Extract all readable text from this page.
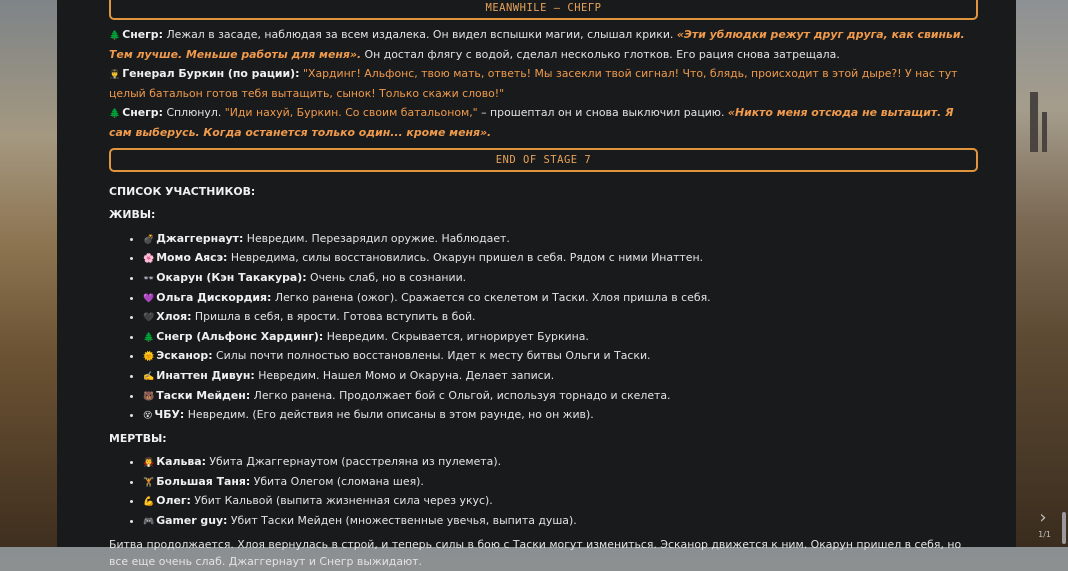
MEANWHILE – СНЕГР

🌲 Снегр: Лежал в засаде, наблюдая за всем издалека. Он видел вспышки магии, слышал крики. «Эти ублюдки режут друг друга, как свиньи. Тем лучше. Меньше работы для меня». Он достал флягу с водой, сделал несколько глотков. Его рация снова затрещала.

👨‍✈️ Генерал Буркин (по рации): "Хардинг! Альфонс, твою мать, ответь! Мы засекли твой сигнал! Что, блядь, происходит в этой дыре?! У нас тут целый батальон готов тебя вытащить, сынок! Только скажи слово!"

🌲 Снегр: Сплюнул. "Иди нахуй, Буркин. Со своим батальоном," – прошептал он и снова выключил рацию. «Никто меня отсюда не вытащит. Я сам выберусь. Когда останется только один... кроме меня».

END OF STAGE 7
СПИСОК УЧАСТНИКОВ:
ЖИВЫ:
• 💣 Джаггернаут: Невредим. Перезарядил оружие. Наблюдает.
• 🌸 Момо Аясэ: Невредима, силы восстановились. Окарун пришел в себя. Рядом с ними Инаттен.
• 👓 Окарун (Кэн Такакура): Очень слаб, но в сознании.
• 💜 Ольга Дискордия: Легко ранена (ожог). Сражается со скелетом и Таски. Хлоя пришла в себя.
• 🖤 Хлоя: Пришла в себя, в ярости. Готова вступить в бой.
• 🌲 Снегр (Альфонс Хардинг): Невредим. Скрывается, игнорирует Буркина.
• 🌞 Эсканор: Силы почти полностью восстановлены. Идет к месту битвы Ольги и Таски.
• ✍️ Инаттен Дивун: Невредим. Нашел Момо и Окаруна. Делает записи.
• 🐻 Таски Мейден: Легко ранена. Продолжает бой с Ольгой, используя торнадо и скелета.
• 😵 ЧБУ: Невредим. (Его действия не были описаны в этом раунде, но он жив).
МЕРТВЫ:
• 🧛 Кальва: Убита Джаггернаутом (расстреляна из пулемета).
• 🏋️ Большая Таня: Убита Олегом (сломана шея).
• 💪 Олег: Убит Кальвой (выпита жизненная сила через укус).
• 🎮 Gamer guy: Убит Таски Мейден (множественные увечья, выпита душа).

Битва продолжается. Хлоя вернулась в строй, и теперь силы в бою с Таски могут измениться. Эсканор движется к ним. Окарун пришел в себя, но все еще очень слаб. Джаггернаут и Снегр выжидают.

›
1/1
